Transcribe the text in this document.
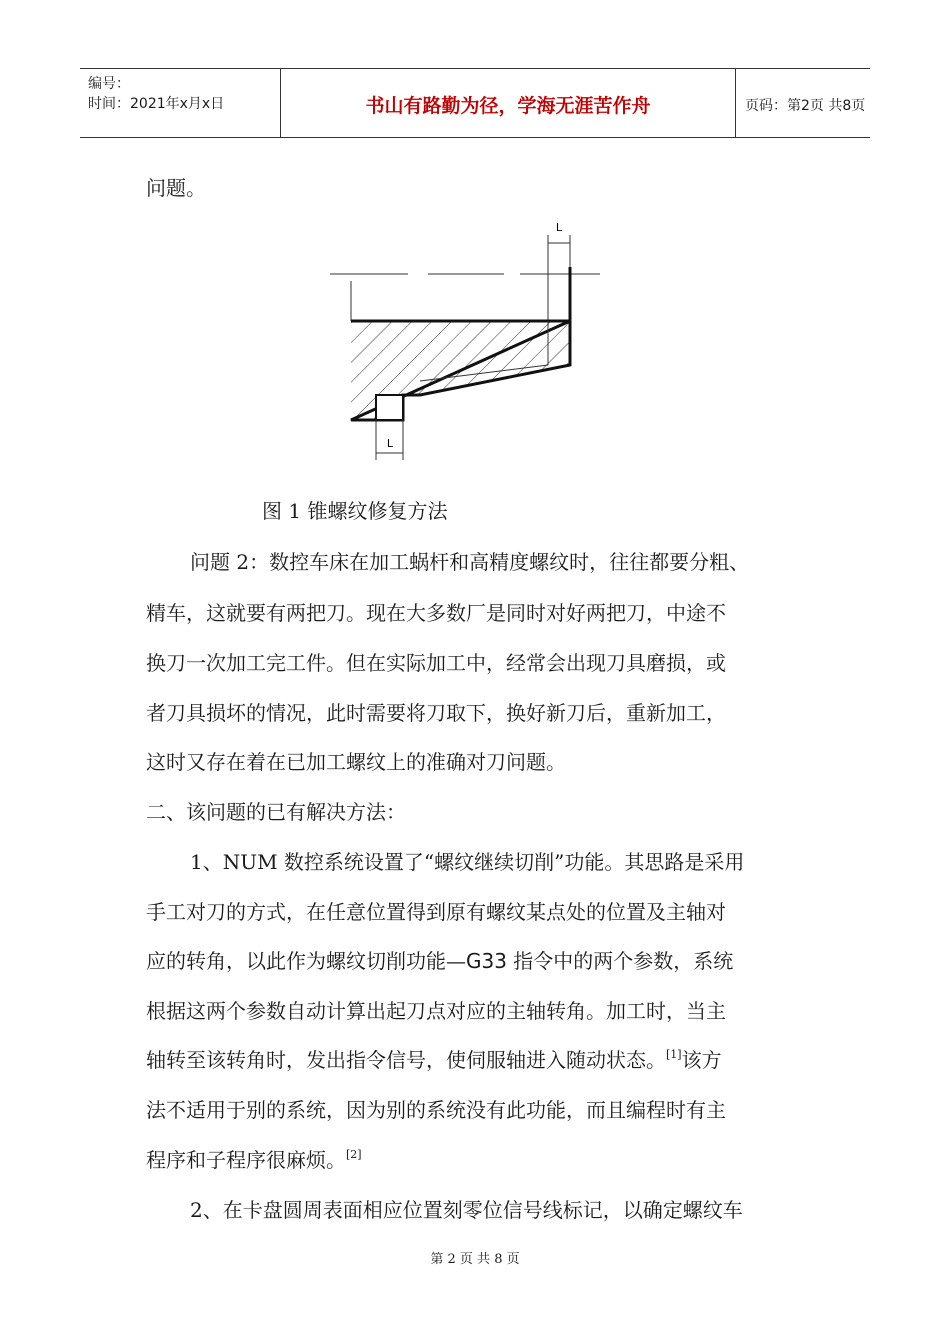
编号：
时间：2021年x月x日	书山有路勤为径，学海无涯苦作舟	页码：第2页 共8页
问题。
L
L
图 1 锥螺纹修复方法
问题 2：数控车床在加工蜗杆和高精度螺纹时，往往都要分粗、
精车，这就要有两把刀。现在大多数厂是同时对好两把刀，中途不
换刀一次加工完工件。但在实际加工中，经常会出现刀具磨损，或
者刀具损坏的情况，此时需要将刀取下，换好新刀后，重新加工，
这时又存在着在已加工螺纹上的准确对刀问题。
二、该问题的已有解决方法：
1、NUM 数控系统设置了“螺纹继续切削”功能。其思路是采用
手工对刀的方式，在任意位置得到原有螺纹某点处的位置及主轴对
应的转角，以此作为螺纹切削功能—G33 指令中的两个参数，系统
根据这两个参数自动计算出起刀点对应的主轴转角。加工时，当主
轴转至该转角时，发出指令信号，使伺服轴进入随动状态。[1]该方
法不适用于别的系统，因为别的系统没有此功能，而且编程时有主
程序和子程序很麻烦。[2]
2、在卡盘圆周表面相应位置刻零位信号线标记，以确定螺纹车
第 2 页 共 8 页
